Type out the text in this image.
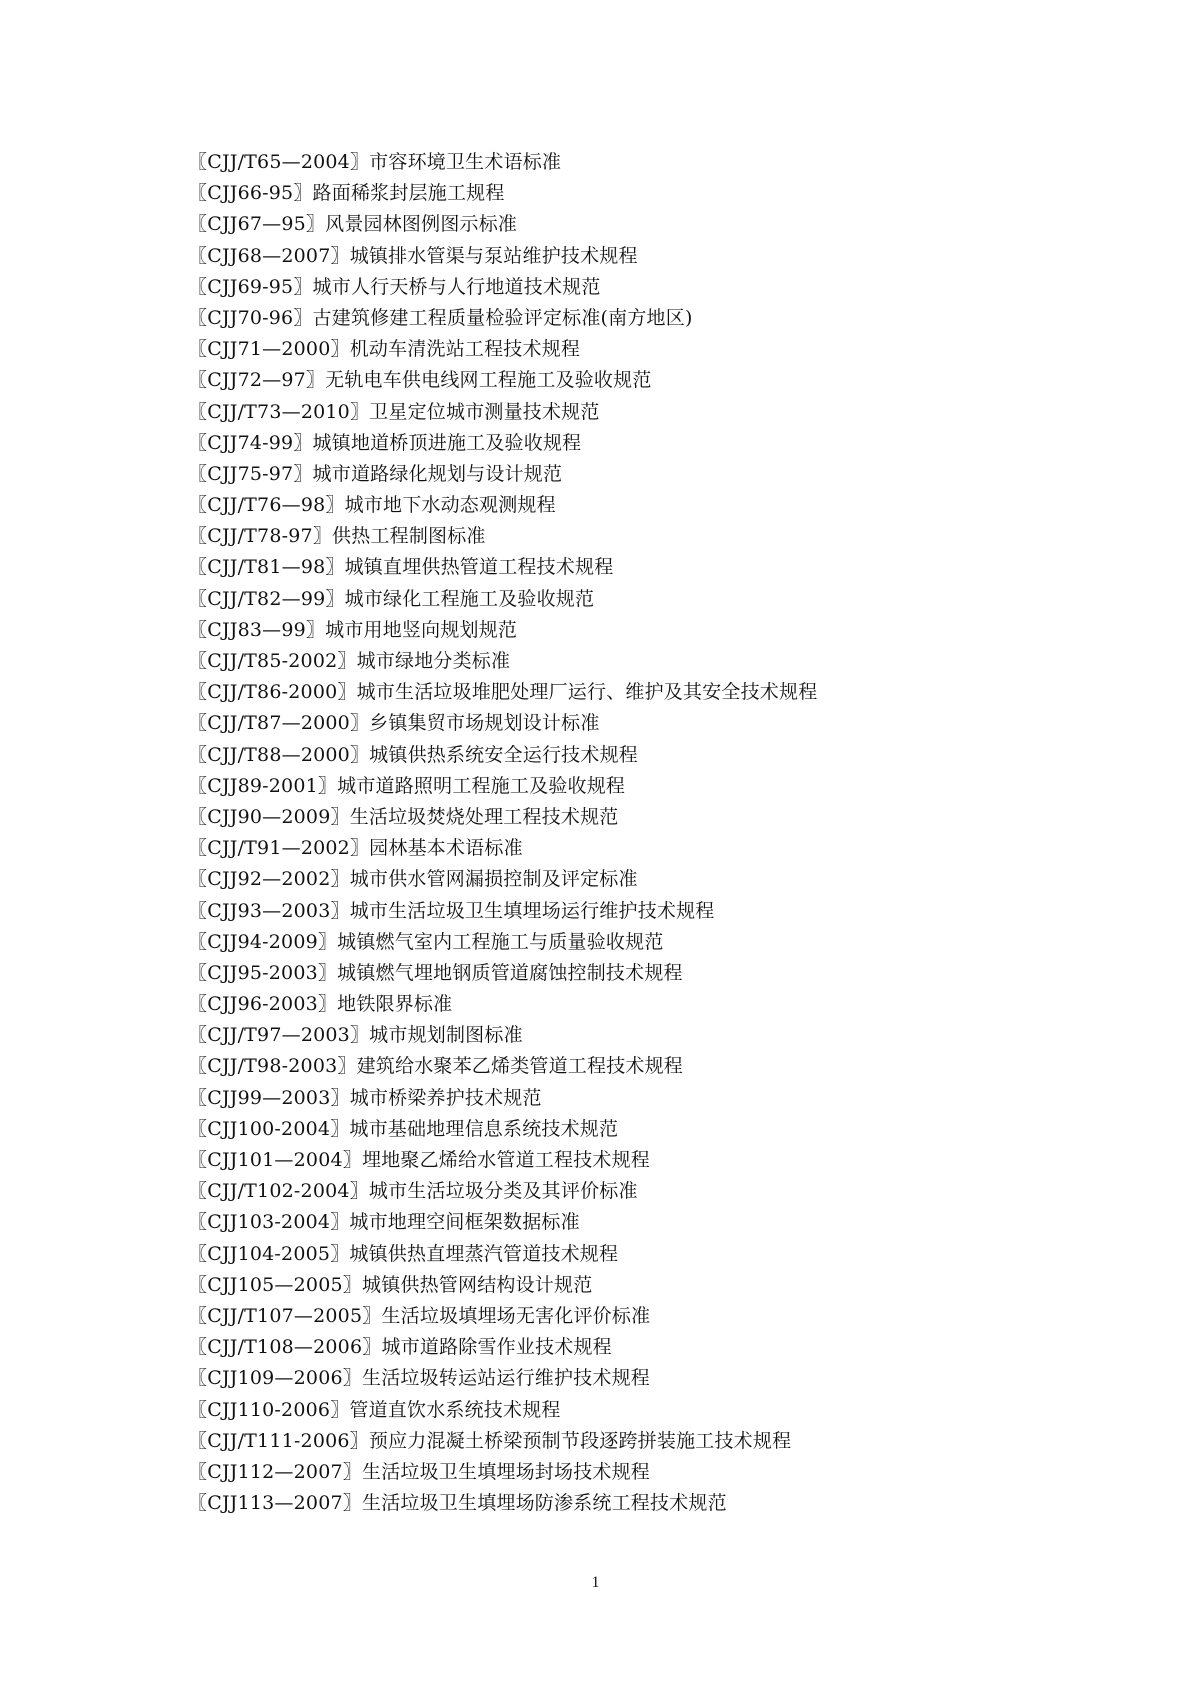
〖CJJ/T65—2004〗市容环境卫生术语标准
〖CJJ66-95〗路面稀浆封层施工规程
〖CJJ67—95〗风景园林图例图示标准
〖CJJ68—2007〗城镇排水管渠与泵站维护技术规程
〖CJJ69-95〗城市人行天桥与人行地道技术规范
〖CJJ70-96〗古建筑修建工程质量检验评定标准(南方地区)
〖CJJ71—2000〗机动车清洗站工程技术规程
〖CJJ72—97〗无轨电车供电线网工程施工及验收规范
〖CJJ/T73—2010〗卫星定位城市测量技术规范
〖CJJ74-99〗城镇地道桥顶进施工及验收规程
〖CJJ75-97〗城市道路绿化规划与设计规范
〖CJJ/T76—98〗城市地下水动态观测规程
〖CJJ/T78-97〗供热工程制图标准
〖CJJ/T81—98〗城镇直埋供热管道工程技术规程
〖CJJ/T82—99〗城市绿化工程施工及验收规范
〖CJJ83—99〗城市用地竖向规划规范
〖CJJ/T85-2002〗城市绿地分类标准
〖CJJ/T86-2000〗城市生活垃圾堆肥处理厂运行、维护及其安全技术规程
〖CJJ/T87—2000〗乡镇集贸市场规划设计标准
〖CJJ/T88—2000〗城镇供热系统安全运行技术规程
〖CJJ89-2001〗城市道路照明工程施工及验收规程
〖CJJ90—2009〗生活垃圾焚烧处理工程技术规范
〖CJJ/T91—2002〗园林基本术语标准
〖CJJ92—2002〗城市供水管网漏损控制及评定标准
〖CJJ93—2003〗城市生活垃圾卫生填埋场运行维护技术规程
〖CJJ94-2009〗城镇燃气室内工程施工与质量验收规范
〖CJJ95-2003〗城镇燃气埋地钢质管道腐蚀控制技术规程
〖CJJ96-2003〗地铁限界标准
〖CJJ/T97—2003〗城市规划制图标准
〖CJJ/T98-2003〗建筑给水聚苯乙烯类管道工程技术规程
〖CJJ99—2003〗城市桥梁养护技术规范
〖CJJ100-2004〗城市基础地理信息系统技术规范
〖CJJ101—2004〗埋地聚乙烯给水管道工程技术规程
〖CJJ/T102-2004〗城市生活垃圾分类及其评价标准
〖CJJ103-2004〗城市地理空间框架数据标准
〖CJJ104-2005〗城镇供热直埋蒸汽管道技术规程
〖CJJ105—2005〗城镇供热管网结构设计规范
〖CJJ/T107—2005〗生活垃圾填埋场无害化评价标准
〖CJJ/T108—2006〗城市道路除雪作业技术规程
〖CJJ109—2006〗生活垃圾转运站运行维护技术规程
〖CJJ110-2006〗管道直饮水系统技术规程
〖CJJ/T111-2006〗预应力混凝土桥梁预制节段逐跨拼装施工技术规程
〖CJJ112—2007〗生活垃圾卫生填埋场封场技术规程
〖CJJ113—2007〗生活垃圾卫生填埋场防渗系统工程技术规范
1
